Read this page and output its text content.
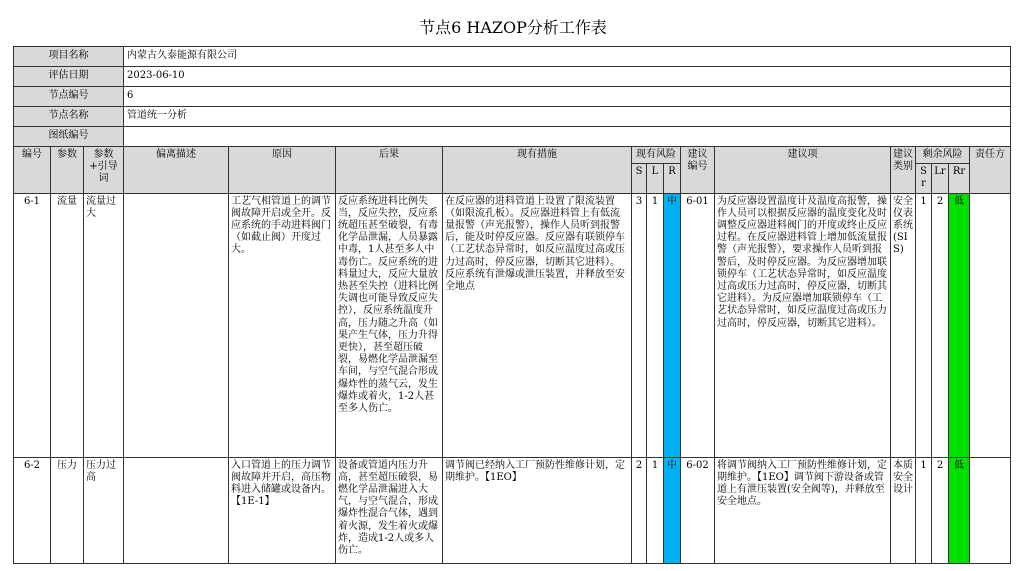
节点6 HAZOP分析工作表
项目名称			内蒙古久泰能源有限公司													
评估日期			2023-06-10													
节点编号			6													
节点名称			管道统一分析													
图纸编号																
编号	参数	参数+引导词	偏离描述	原因	后果	现有措施	现有风险			建议编号	建议项	建议类别	剩余风险			责任方
							S	L	R				Sr	Lr	Rr	
6-1	流量	流量过大		工艺气相管道上的调节阀故障开启或全开。反应系统的手动进料阀门（如截止阀）开度过大。	反应系统进料比例失当，反应失控，反应系统超压甚至破裂，有毒化学品泄漏，人员暴露中毒，1人甚至多人中毒伤亡。反应系统的进料量过大，反应大量放热甚至失控（进料比例失调也可能导致反应失控），反应系统温度升高，压力随之升高（如果产生气体，压力升得更快），甚至超压破裂，易燃化学品泄漏至车间，与空气混合形成爆炸性的蒸气云，发生爆炸或着火，1-2人甚至多人伤亡。	在反应器的进料管道上设置了限流装置（如限流孔板）。反应器进料管上有低流量报警（声光报警），操作人员听到报警后，能及时停反应器。反应器有联锁停车（工艺状态异常时，如反应温度过高或压力过高时，停反应器，切断其它进料）。反应系统有泄爆或泄压装置，并释放至安全地点	3	1	中	6-01	为反应器设置温度计及温度高报警，操作人员可以根据反应器的温度变化及时调整反应器进料阀门的开度或终止反应过程。在反应器进料管上增加低流量报警（声光报警），要求操作人员听到报警后，及时停反应器。为反应器增加联锁停车（工艺状态异常时，如反应温度过高或压力过高时，停反应器，切断其它进料）。为反应器增加联锁停车（工艺状态异常时，如反应温度过高或压力过高时，停反应器，切断其它进料）。	安全仪表系统(SIS)	1	2	低	
6-2	压力	压力过高		入口管道上的压力调节阀故障并开启，高压物料进入储罐或设备内。【1E-1】	设备或管道内压力升高，甚至超压破裂，易燃化学品泄漏进入大气，与空气混合，形成爆炸性混合气体，遇到着火源，发生着火或爆炸，造成1-2人或多人伤亡。	调节阀已经纳入工厂预防性维修计划，定期维护。【1EO】	2	1	中	6-02	将调节阀纳入工厂预防性维修计划，定期维护。【1EO】调节阀下游设备或管道上有泄压装置(安全阀等)，并释放至安全地点。	本质安全设计	1	2	低	
